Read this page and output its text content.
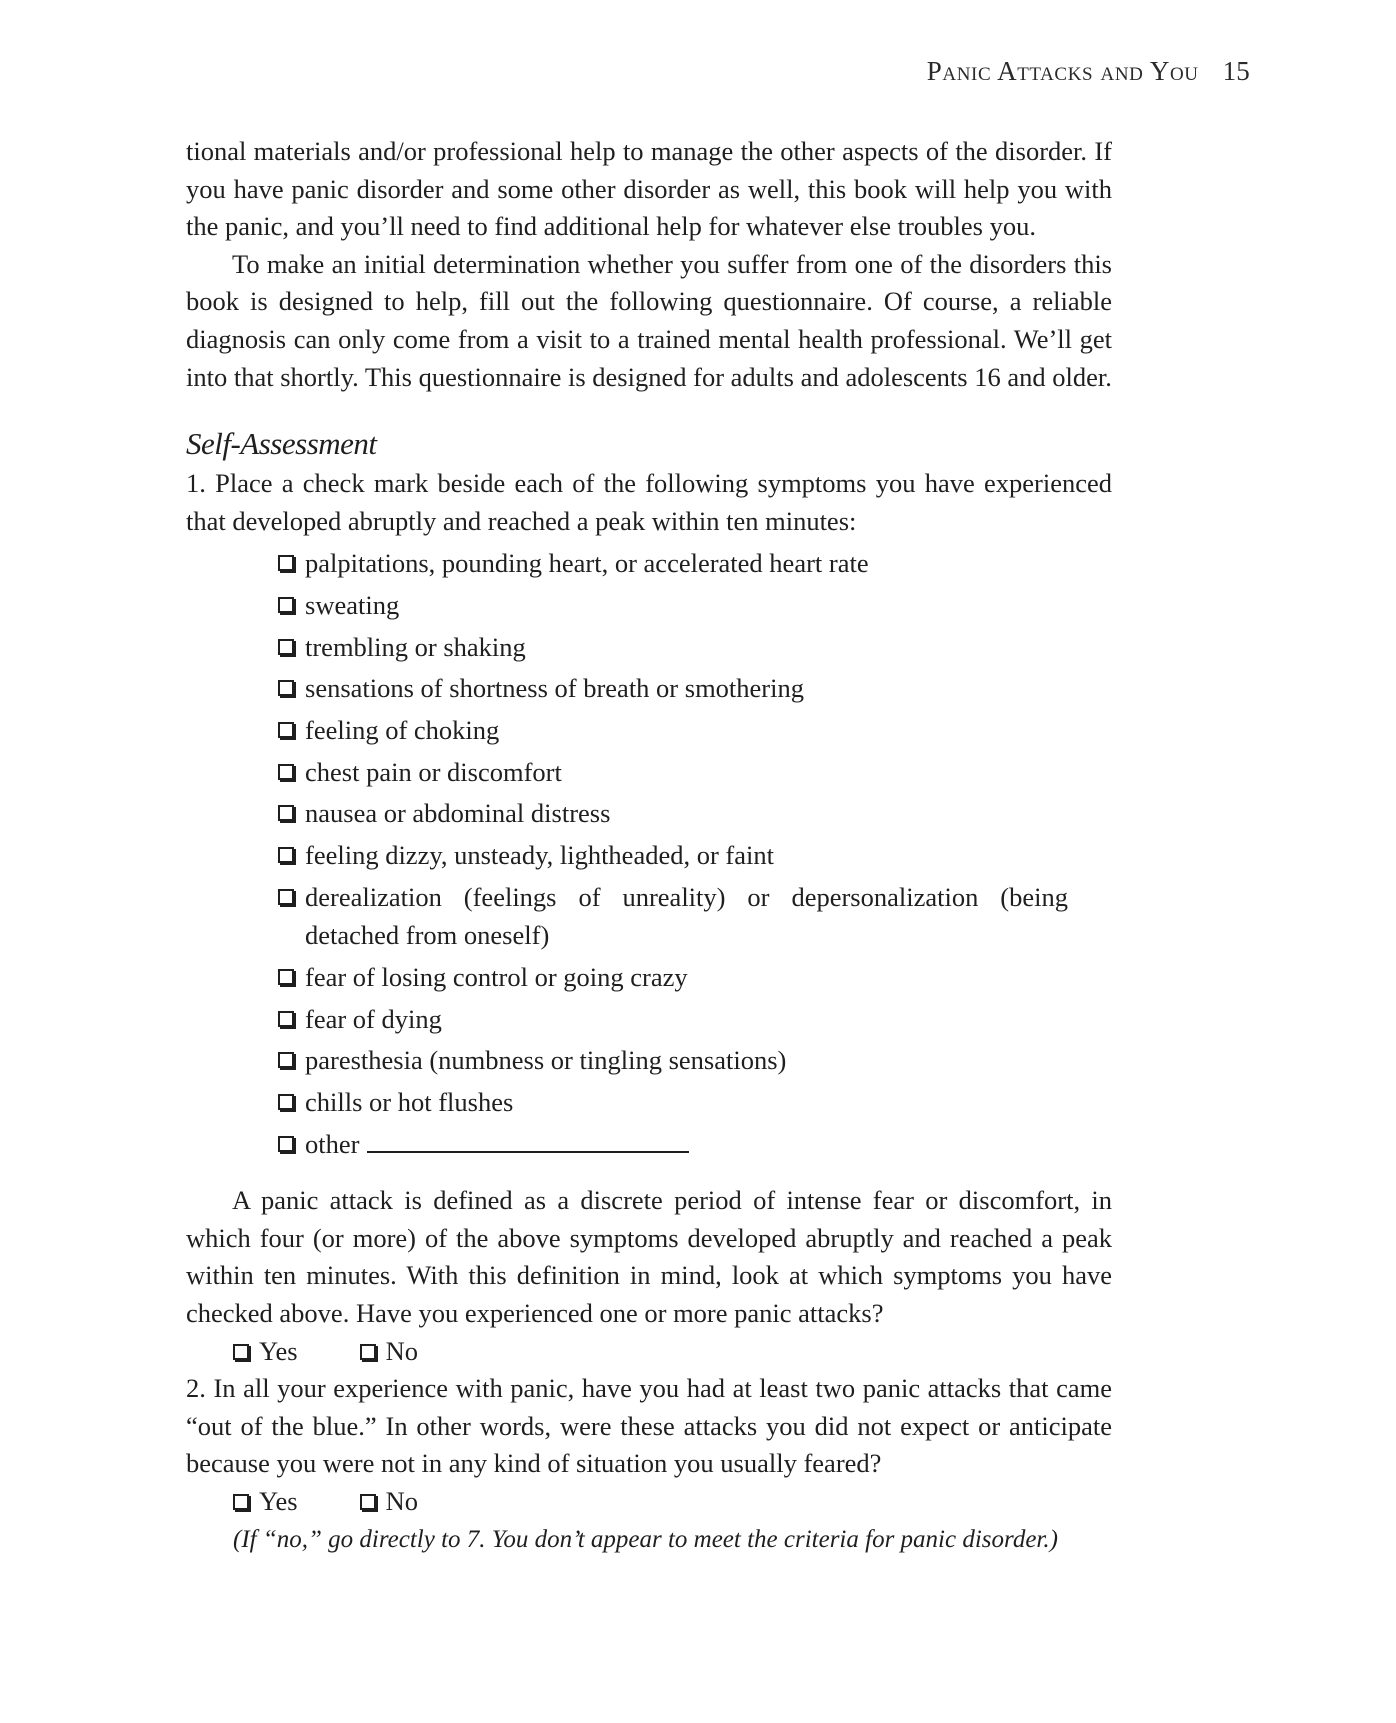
Panic Attacks and You 15

tional materials and/or professional help to manage the other aspects of the disorder. If you have panic disorder and some other disorder as well, this book will help you with the panic, and you’ll need to find additional help for whatever else troubles you.

To make an initial determination whether you suffer from one of the disorders this book is designed to help, fill out the following questionnaire. Of course, a reliable diagnosis can only come from a visit to a trained mental health professional. We’ll get into that shortly. This questionnaire is designed for adults and adolescents 16 and older.

Self-Assessment

1. Place a check mark beside each of the following symptoms you have experienced that developed abruptly and reached a peak within ten minutes:

palpitations, pounding heart, or accelerated heart rate
sweating
trembling or shaking
sensations of shortness of breath or smothering
feeling of choking
chest pain or discomfort
nausea or abdominal distress
feeling dizzy, unsteady, lightheaded, or faint
derealization (feelings of unreality) or depersonalization (being detached from oneself)
fear of losing control or going crazy
fear of dying
paresthesia (numbness or tingling sensations)
chills or hot flushes
other

A panic attack is defined as a discrete period of intense fear or discomfort, in which four (or more) of the above symptoms developed abruptly and reached a peak within ten minutes. With this definition in mind, look at which symptoms you have checked above. Have you experienced one or more panic attacks?

Yes	No

2. In all your experience with panic, have you had at least two panic attacks that came “out of the blue.” In other words, were these attacks you did not expect or anticipate because you were not in any kind of situation you usually feared?

Yes	No

(If “no,” go directly to 7. You don’t appear to meet the criteria for panic disorder.)
